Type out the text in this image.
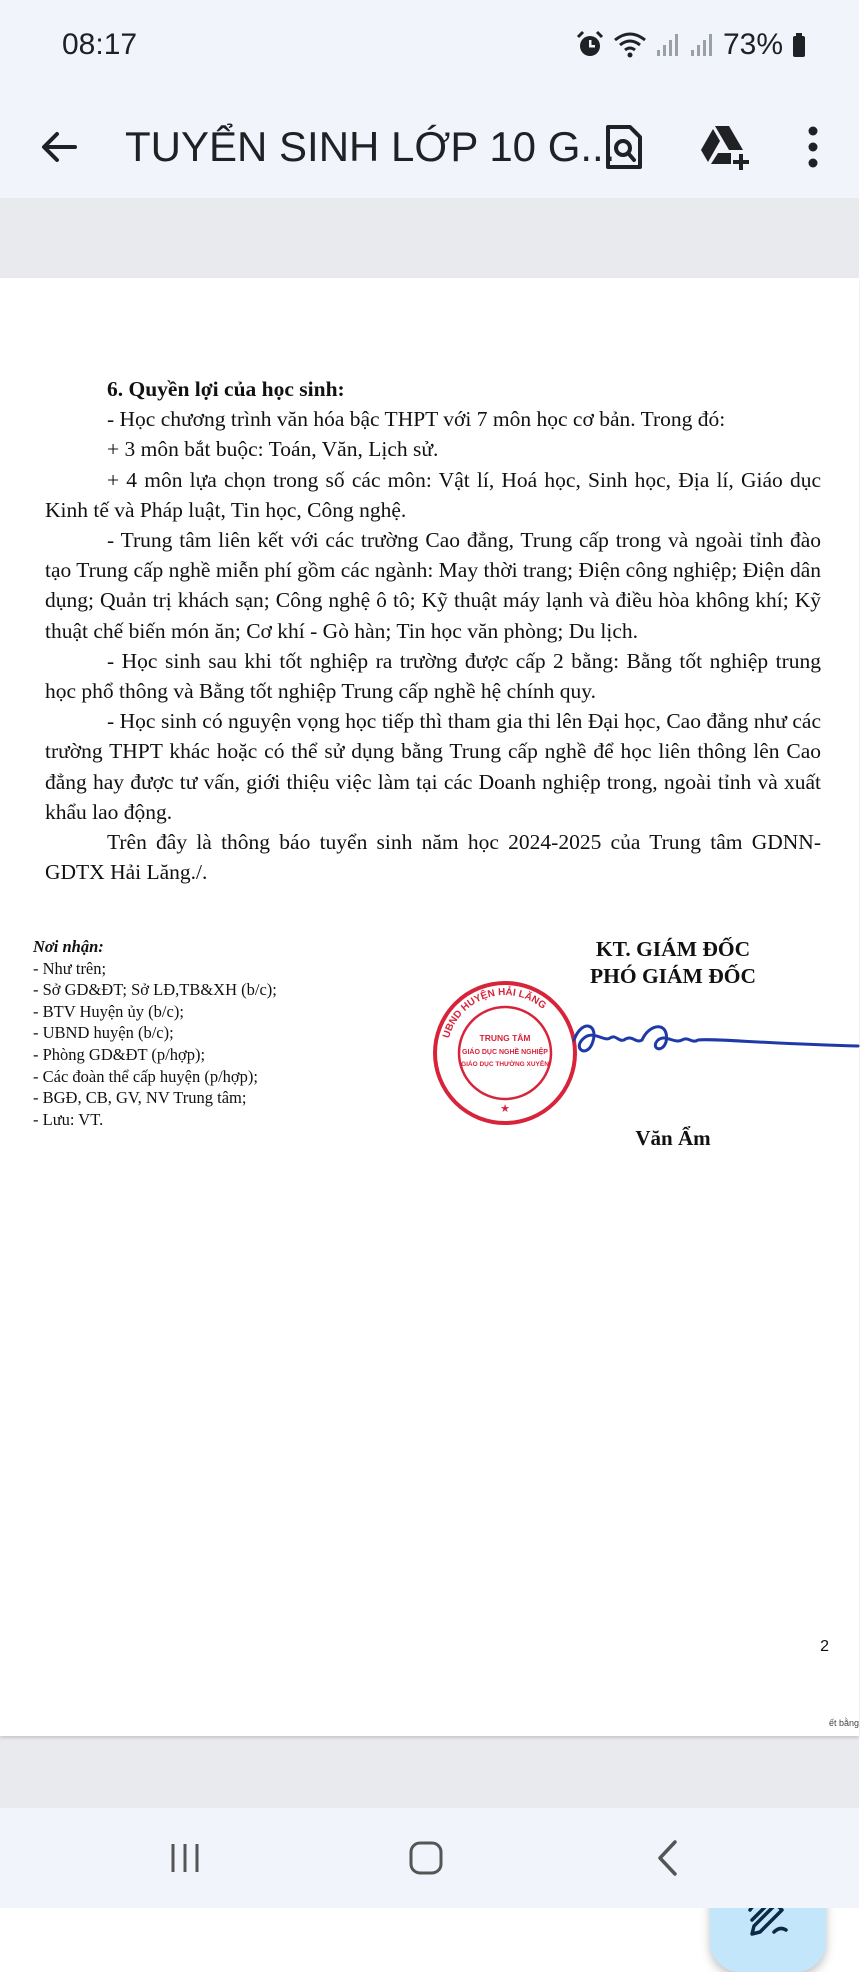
08:17	73%
TUYỂN SINH LỚP 10 G...

6. Quyền lợi của học sinh:

- Học chương trình văn hóa bậc THPT với 7 môn học cơ bản. Trong đó:

+ 3 môn bắt buộc: Toán, Văn, Lịch sử.

+ 4 môn lựa chọn trong số các môn: Vật lí, Hoá học, Sinh học, Địa lí, Giáo dục Kinh tế và Pháp luật, Tin học, Công nghệ.

- Trung tâm liên kết với các trường Cao đẳng, Trung cấp trong và ngoài tỉnh đào tạo Trung cấp nghề miễn phí gồm các ngành: May thời trang; Điện công nghiệp; Điện dân dụng; Quản trị khách sạn; Công nghệ ô tô; Kỹ thuật máy lạnh và điều hòa không khí; Kỹ thuật chế biến món ăn; Cơ khí - Gò hàn; Tin học văn phòng; Du lịch.

- Học sinh sau khi tốt nghiệp ra trường được cấp 2 bằng: Bằng tốt nghiệp trung học phổ thông và Bằng tốt nghiệp Trung cấp nghề hệ chính quy.

- Học sinh có nguyện vọng học tiếp thì tham gia thi lên Đại học, Cao đẳng như các trường THPT khác hoặc có thể sử dụng bằng Trung cấp nghề để học liên thông lên Cao đẳng hay được tư vấn, giới thiệu việc làm tại các Doanh nghiệp trong, ngoài tỉnh và xuất khẩu lao động.

Trên đây là thông báo tuyển sinh năm học 2024-2025 của Trung tâm GDNN-GDTX Hải Lăng./.

Nơi nhận:
- Như trên;
- Sở GD&ĐT; Sở LĐ,TB&XH (b/c);
- BTV Huyện ủy (b/c);
- UBND huyện (b/c);
- Phòng GD&ĐT (p/hợp);
- Các đoàn thể cấp huyện (p/hợp);
- BGĐ, CB, GV, NV Trung tâm;
- Lưu: VT.
KT. GIÁM ĐỐC
PHÓ GIÁM ĐỐC
UBND HUYỆN HẢI LĂNG
TRUNG TÂM
GIÁO DỤC NGHỀ NGHIỆP
GIÁO DỤC THƯỜNG XUYÊN
★
Văn Ẩm
2
ết bằng
